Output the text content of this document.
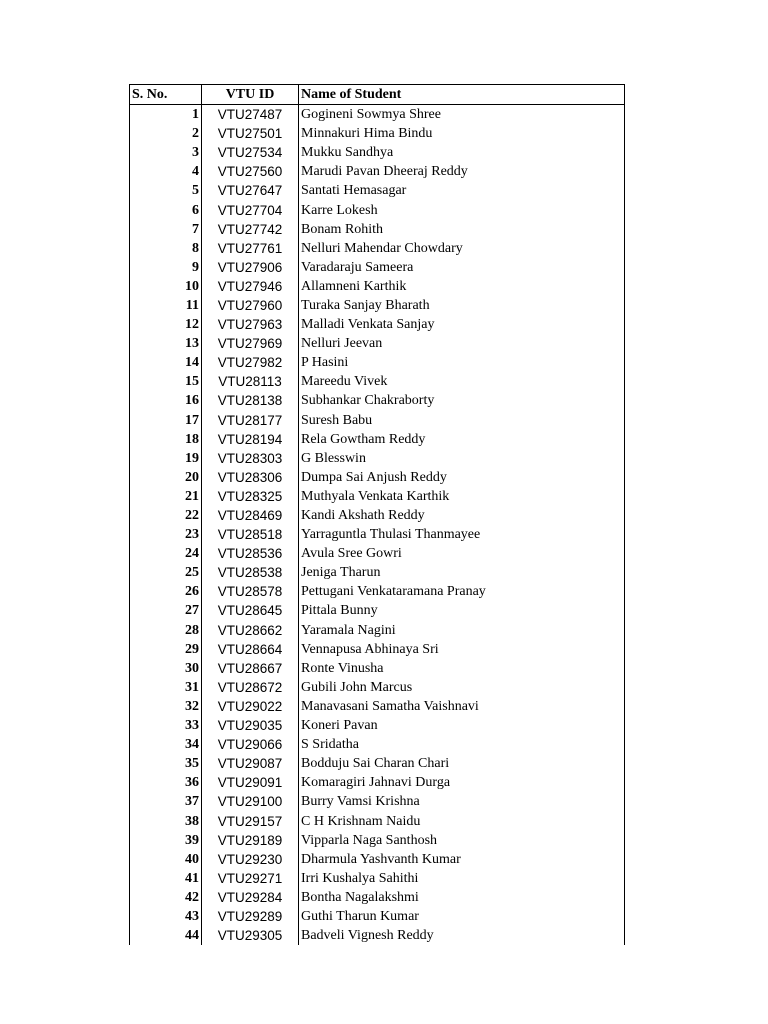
S. No.	VTU ID	Name of Student
1	VTU27487	Gogineni Sowmya Shree
2	VTU27501	Minnakuri Hima Bindu
3	VTU27534	Mukku Sandhya
4	VTU27560	Marudi Pavan Dheeraj Reddy
5	VTU27647	Santati Hemasagar
6	VTU27704	Karre Lokesh
7	VTU27742	Bonam Rohith
8	VTU27761	Nelluri Mahendar Chowdary
9	VTU27906	Varadaraju Sameera
10	VTU27946	Allamneni Karthik
11	VTU27960	Turaka Sanjay Bharath
12	VTU27963	Malladi Venkata Sanjay
13	VTU27969	Nelluri Jeevan
14	VTU27982	P Hasini
15	VTU28113	Mareedu Vivek
16	VTU28138	Subhankar Chakraborty
17	VTU28177	Suresh Babu
18	VTU28194	Rela Gowtham Reddy
19	VTU28303	G Blesswin
20	VTU28306	Dumpa Sai Anjush Reddy
21	VTU28325	Muthyala Venkata Karthik
22	VTU28469	Kandi Akshath Reddy
23	VTU28518	Yarraguntla Thulasi Thanmayee
24	VTU28536	Avula Sree Gowri
25	VTU28538	Jeniga Tharun
26	VTU28578	Pettugani Venkataramana Pranay
27	VTU28645	Pittala Bunny
28	VTU28662	Yaramala Nagini
29	VTU28664	Vennapusa Abhinaya Sri
30	VTU28667	Ronte Vinusha
31	VTU28672	Gubili John Marcus
32	VTU29022	Manavasani Samatha Vaishnavi
33	VTU29035	Koneri Pavan
34	VTU29066	S Sridatha
35	VTU29087	Bodduju Sai Charan Chari
36	VTU29091	Komaragiri Jahnavi Durga
37	VTU29100	Burry Vamsi Krishna
38	VTU29157	C H Krishnam Naidu
39	VTU29189	Vipparla Naga Santhosh
40	VTU29230	Dharmula Yashvanth Kumar
41	VTU29271	Irri Kushalya Sahithi
42	VTU29284	Bontha Nagalakshmi
43	VTU29289	Guthi Tharun Kumar
44	VTU29305	Badveli Vignesh Reddy
